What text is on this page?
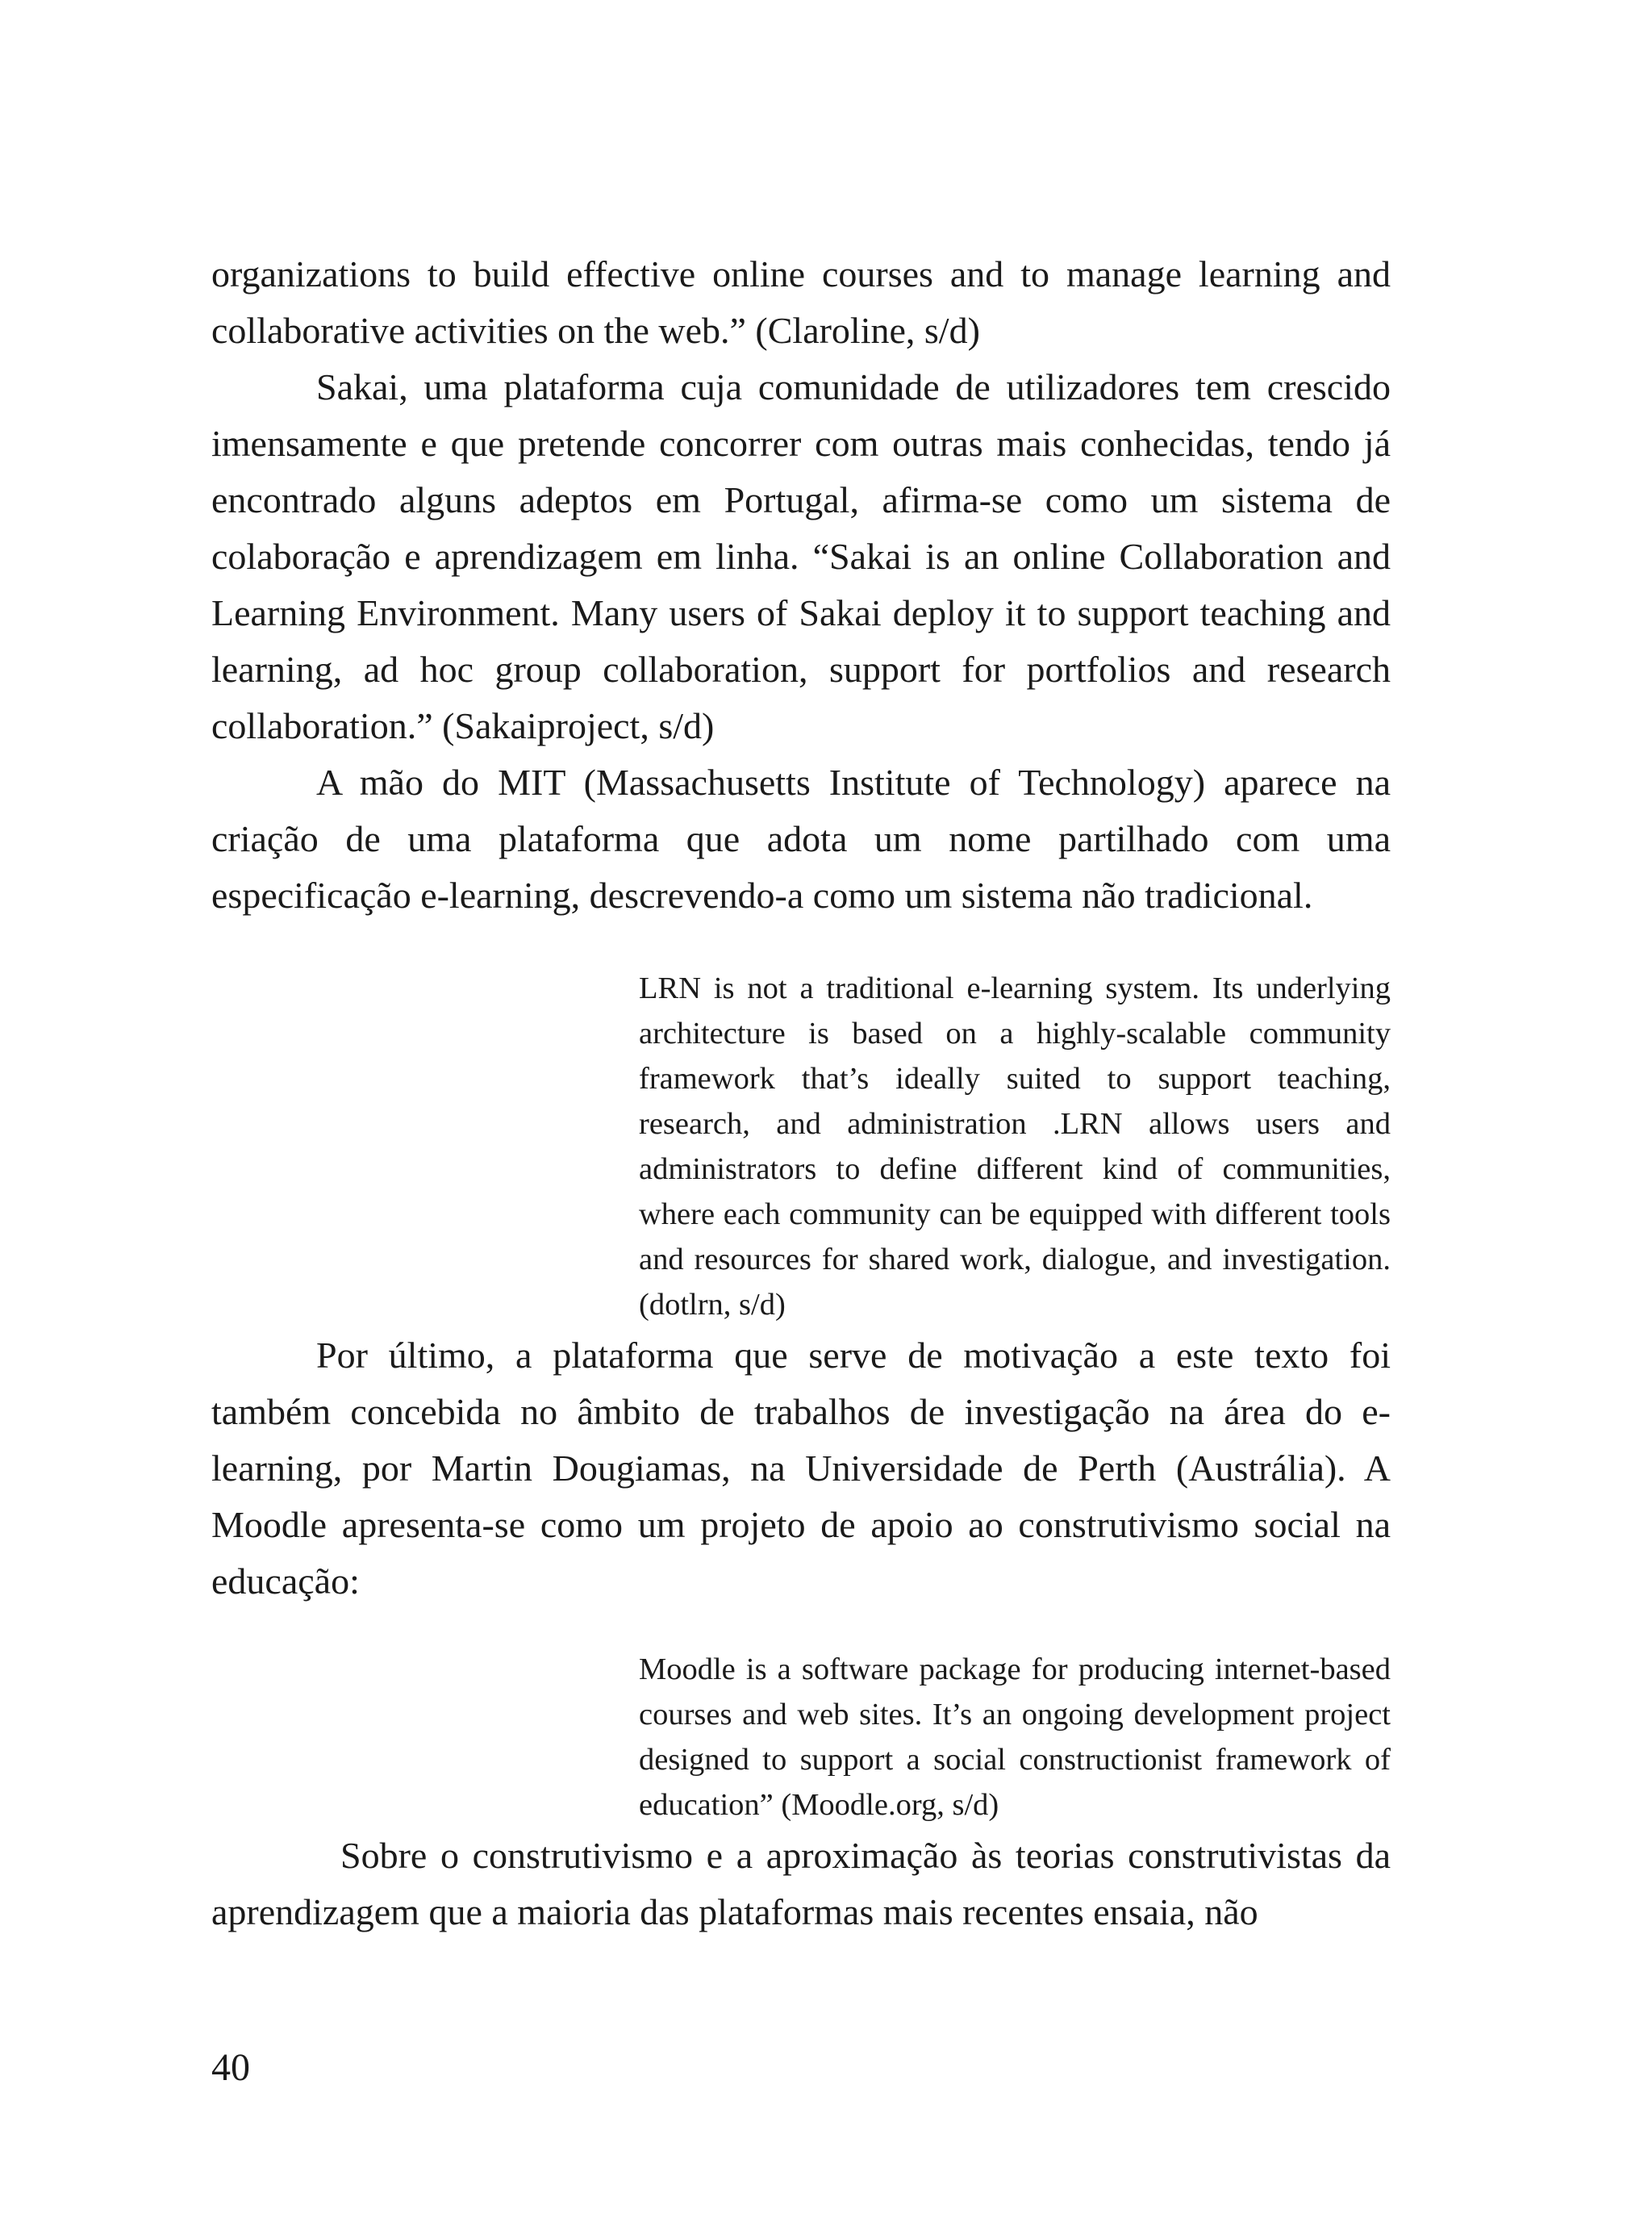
organizations to build effective online courses and to manage learning and collaborative activities on the web.” (Claroline, s/d)

Sakai, uma plataforma cuja comunidade de utilizadores tem crescido imensamente e que pretende concorrer com outras mais conhecidas, tendo já encontrado alguns adeptos em Portugal, afirma-se como um sistema de colaboração e aprendizagem em linha. “Sakai is an online Collaboration and Learning Environment. Many users of Sakai deploy it to support teaching and learning, ad hoc group collaboration, support for portfolios and research collaboration.” (Sakaiproject, s/d)

A mão do MIT (Massachusetts Institute of Technology) aparece na criação de uma plataforma que adota um nome partilhado com uma especificação e-learning, descrevendo-a como um sistema não tradicional.

LRN is not a traditional e-learning system. Its underlying architecture is based on a highly-scalable community framework that’s ideally suited to support teaching, research, and administration .LRN allows users and administrators to define different kind of communities, where each community can be equipped with different tools and resources for shared work, dialogue, and investigation. (dotlrn, s/d)

Por último, a plataforma que serve de motivação a este texto foi também concebida no âmbito de trabalhos de investigação na área do e-learning, por Martin Dougiamas, na Universidade de Perth (Austrália). A Moodle apresenta-se como um projeto de apoio ao construtivismo social na educação:

Moodle is a software package for producing internet-based courses and web sites. It’s an ongoing development project designed to support a social constructionist framework of education” (Moodle.org, s/d)

Sobre o construtivismo e a aproximação às teorias construtivistas da aprendizagem que a maioria das plataformas mais recentes ensaia, não

40
